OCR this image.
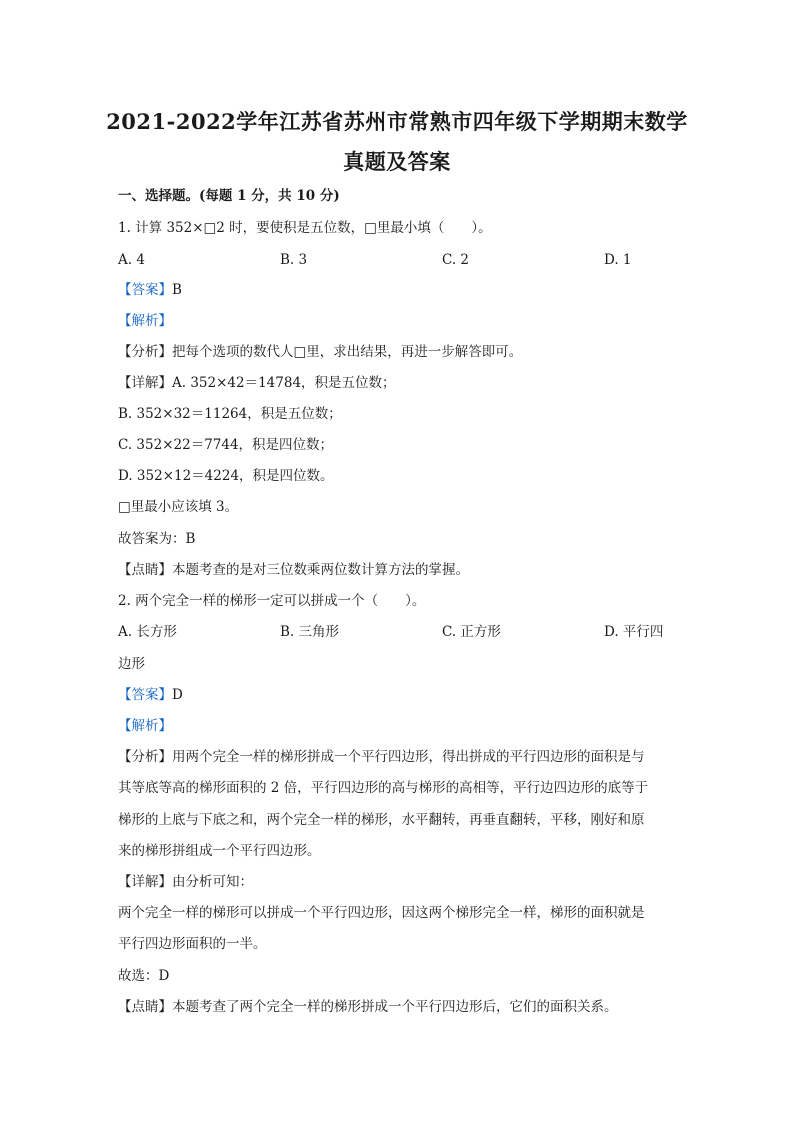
2021-2022学年江苏省苏州市常熟市四年级下学期期末数学
真题及答案
一、选择题。(每题 1 分，共 10 分)
1. 计算 352×□2 时，要使积是五位数，□里最小填（　　）。
A. 4	B. 3	C. 2	D. 1
【答案】B
【解析】
【分析】把每个选项的数代人□里，求出结果，再进一步解答即可。
【详解】A. 352×42＝14784，积是五位数；
B. 352×32＝11264，积是五位数；
C. 352×22＝7744，积是四位数；
D. 352×12＝4224，积是四位数。
□里最小应该填 3。
故答案为：B
【点睛】本题考查的是对三位数乘两位数计算方法的掌握。
2. 两个完全一样的梯形一定可以拼成一个（　　）。
A. 长方形	B. 三角形	C. 正方形	D. 平行四
边形
【答案】D
【解析】
【分析】用两个完全一样的梯形拼成一个平行四边形，得出拼成的平行四边形的面积是与
其等底等高的梯形面积的 2 倍，平行四边形的高与梯形的高相等，平行边四边形的底等于
梯形的上底与下底之和，两个完全一样的梯形，水平翻转，再垂直翻转，平移，刚好和原
来的梯形拼组成一个平行四边形。
【详解】由分析可知：
两个完全一样的梯形可以拼成一个平行四边形，因这两个梯形完全一样，梯形的面积就是
平行四边形面积的一半。
故选：D
【点睛】本题考查了两个完全一样的梯形拼成一个平行四边形后，它们的面积关系。
